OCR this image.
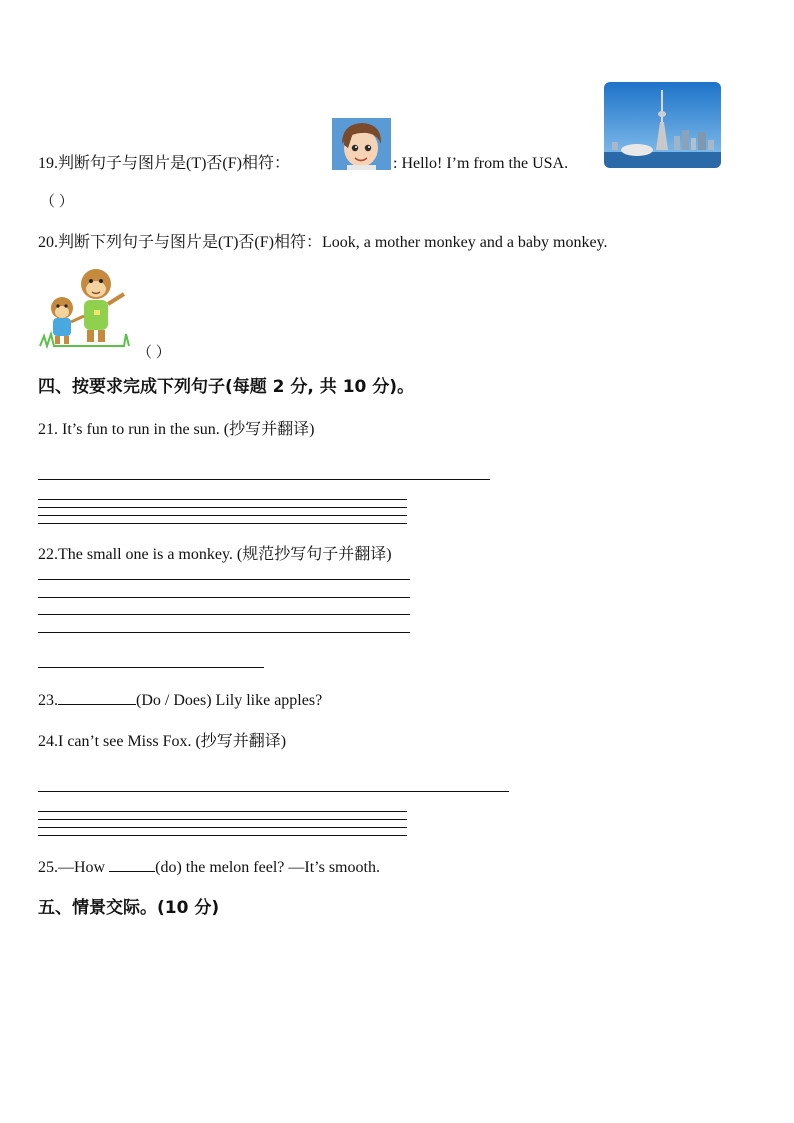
19.判断句子与图片是(T)否(F)相符：	: Hello! I’m from the USA.
（ ）
20.判断下列句子与图片是(T)否(F)相符：Look, a mother monkey and a baby monkey.
（ ）
四、按要求完成下列句子(每题 2 分, 共 10 分)。
21. It’s fun to run in the sun. (抄写并翻译)
22.The small one is a monkey. (规范抄写句子并翻译)
23.	(Do / Does) Lily like apples?
24.I can’t see Miss Fox. (抄写并翻译)
25.—How	(do) the melon feel? —It’s smooth.
五、情景交际。(10 分)
